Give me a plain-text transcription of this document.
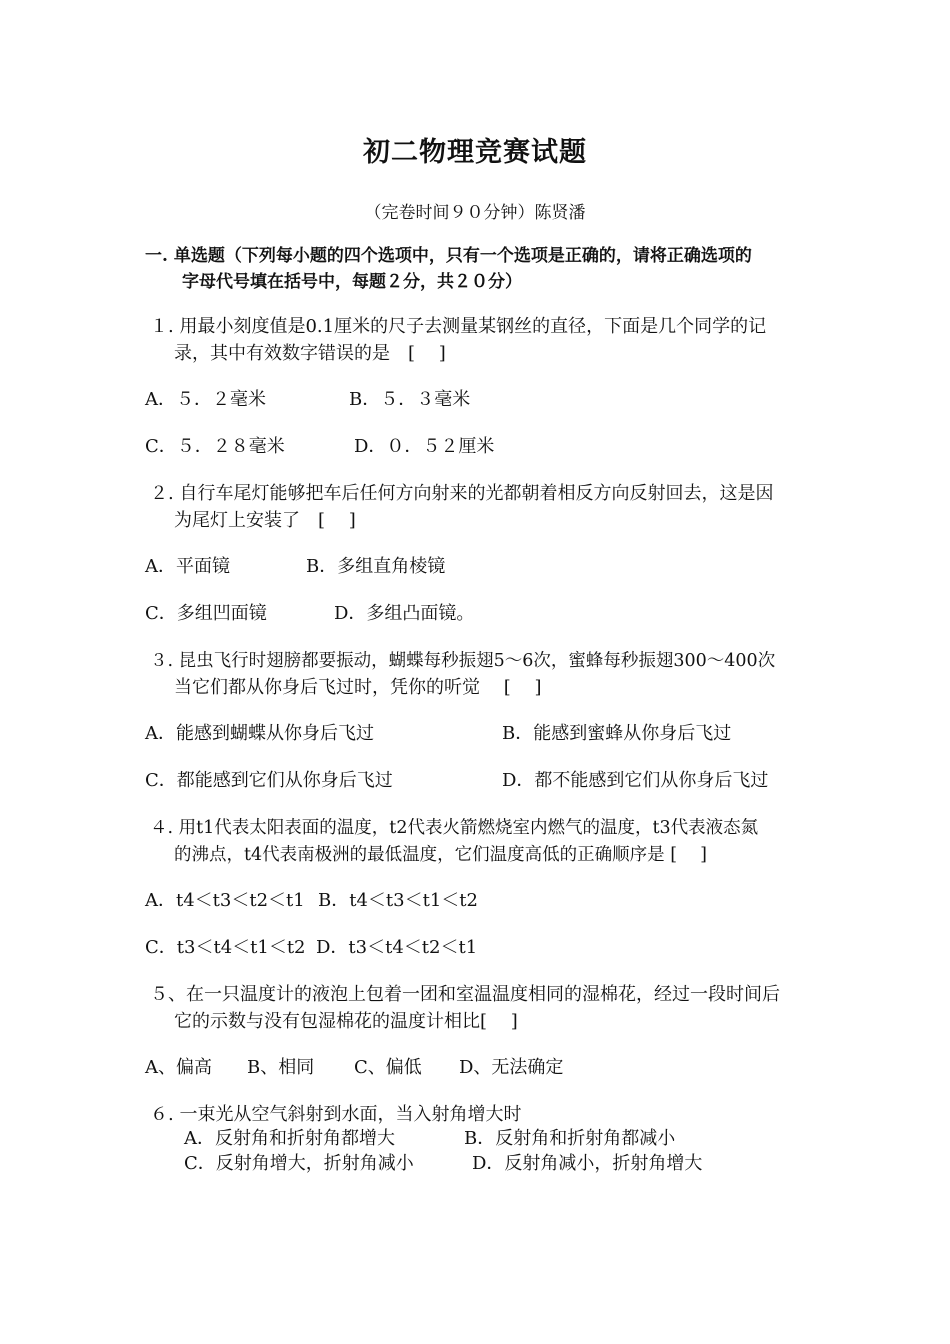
初二物理竞赛试题
（完卷时间９０分钟）陈贤潘
一. 单选题（下列每小题的四个选项中，只有一个选项是正确的，请将正确选项的
字母代号填在括号中，每题２分，共２０分）
１. 用最小刻度值是0.1厘米的尺子去测量某钢丝的直径，下面是几个同学的记
录，其中有效数字错误的是　[　 ]
A．５．２毫米	B．５．３毫米
C．５．２８毫米	D．０．５２厘米
２. 自行车尾灯能够把车后任何方向射来的光都朝着相反方向反射回去，这是因
为尾灯上安装了　[　 ]
A．平面镜	B．多组直角棱镜
C．多组凹面镜	D．多组凸面镜。
３. 昆虫飞行时翅膀都要振动，蝴蝶每秒振翅5～6次，蜜蜂每秒振翅300～400次
当它们都从你身后飞过时，凭你的听觉　 [　 ]
A．能感到蝴蝶从你身后飞过	B．能感到蜜蜂从你身后飞过
C．都能感到它们从你身后飞过	D．都不能感到它们从你身后飞过
４. 用t1代表太阳表面的温度，t2代表火箭燃烧室内燃气的温度，t3代表液态氮
的沸点，t4代表南极洲的最低温度，它们温度高低的正确顺序是 [　 ]
A．t4＜t3＜t2＜t1 B．t4＜t3＜t1＜t2
C．t3＜t4＜t1＜t2 D．t3＜t4＜t2＜t1
５、在一只温度计的液泡上包着一团和室温温度相同的湿棉花，经过一段时间后
它的示数与没有包湿棉花的温度计相比[　 ]
A、偏高 B、相同 C、偏低 D、无法确定
６. 一束光从空气斜射到水面，当入射角增大时
A．反射角和折射角都增大	B．反射角和折射角都减小
C．反射角增大，折射角减小	D．反射角减小，折射角增大
